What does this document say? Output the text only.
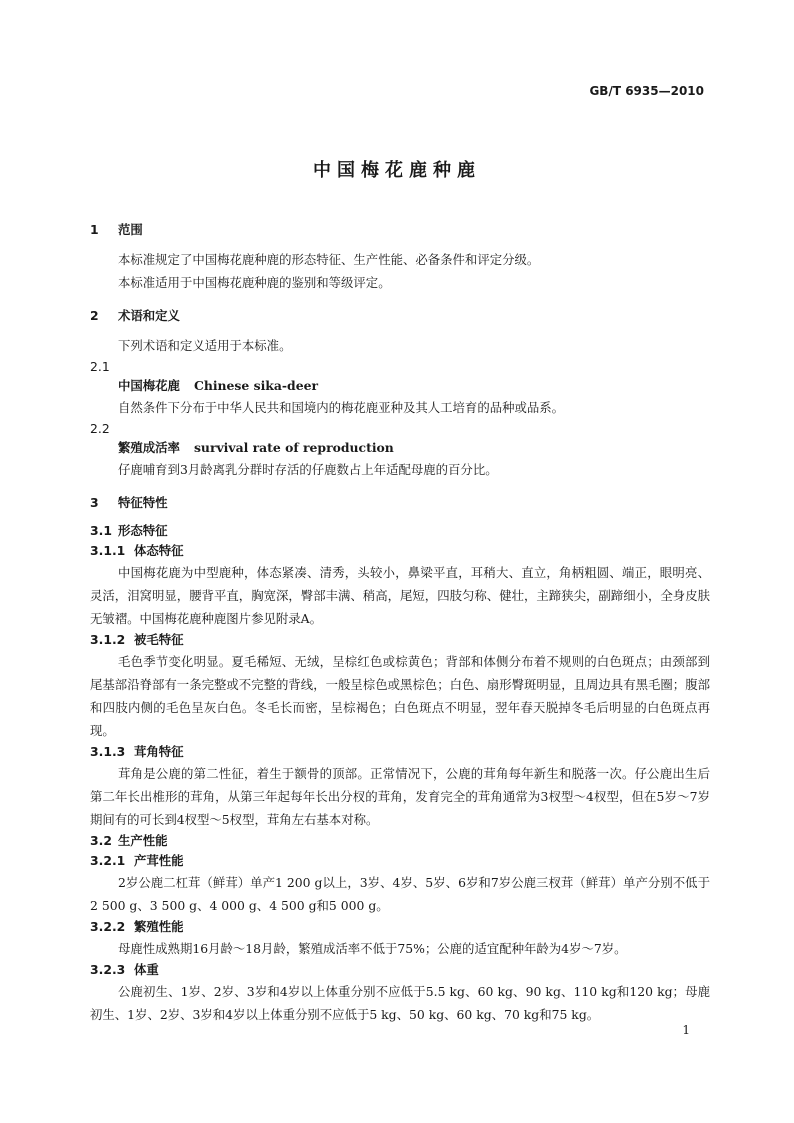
GB/T 6935—2010
中国梅花鹿种鹿
1 范围

本标准规定了中国梅花鹿种鹿的形态特征、生产性能、必备条件和评定分级。

本标准适用于中国梅花鹿种鹿的鉴别和等级评定。

2 术语和定义

下列术语和定义适用于本标准。

2.1

中国梅花鹿 Chinese sika-deer

自然条件下分布于中华人民共和国境内的梅花鹿亚种及其人工培育的品种或品系。

2.2

繁殖成活率 survival rate of reproduction

仔鹿哺育到3月龄离乳分群时存活的仔鹿数占上年适配母鹿的百分比。

3 特征特性
3.1 形态特征
3.1.1 体态特征

中国梅花鹿为中型鹿种，体态紧凑、清秀，头较小，鼻梁平直，耳稍大、直立，角柄粗圆、端正，眼明亮、灵活，泪窝明显，腰背平直，胸宽深，臀部丰满、稍高，尾短，四肢匀称、健壮，主蹄狭尖，副蹄细小，全身皮肤无皱褶。中国梅花鹿种鹿图片参见附录A。

3.1.2 被毛特征

毛色季节变化明显。夏毛稀短、无绒，呈棕红色或棕黄色；背部和体侧分布着不规则的白色斑点；由颈部到尾基部沿脊部有一条完整或不完整的背线，一般呈棕色或黑棕色；白色、扇形臀斑明显，且周边具有黑毛圈；腹部和四肢内侧的毛色呈灰白色。冬毛长而密，呈棕褐色；白色斑点不明显，翌年春天脱掉冬毛后明显的白色斑点再现。

3.1.3 茸角特征

茸角是公鹿的第二性征，着生于额骨的顶部。正常情况下，公鹿的茸角每年新生和脱落一次。仔公鹿出生后第二年长出椎形的茸角，从第三年起每年长出分杈的茸角，发育完全的茸角通常为3杈型～4杈型，但在5岁～7岁期间有的可长到4杈型～5杈型，茸角左右基本对称。

3.2 生产性能
3.2.1 产茸性能

2岁公鹿二杠茸（鲜茸）单产1 200 g以上，3岁、4岁、5岁、6岁和7岁公鹿三杈茸（鲜茸）单产分别不低于2 500 g、3 500 g、4 000 g、4 500 g和5 000 g。

3.2.2 繁殖性能

母鹿性成熟期16月龄～18月龄，繁殖成活率不低于75%；公鹿的适宜配种年龄为4岁～7岁。

3.2.3 体重

公鹿初生、1岁、2岁、3岁和4岁以上体重分别不应低于5.5 kg、60 kg、90 kg、110 kg和120 kg；母鹿初生、1岁、2岁、3岁和4岁以上体重分别不应低于5 kg、50 kg、60 kg、70 kg和75 kg。

1
